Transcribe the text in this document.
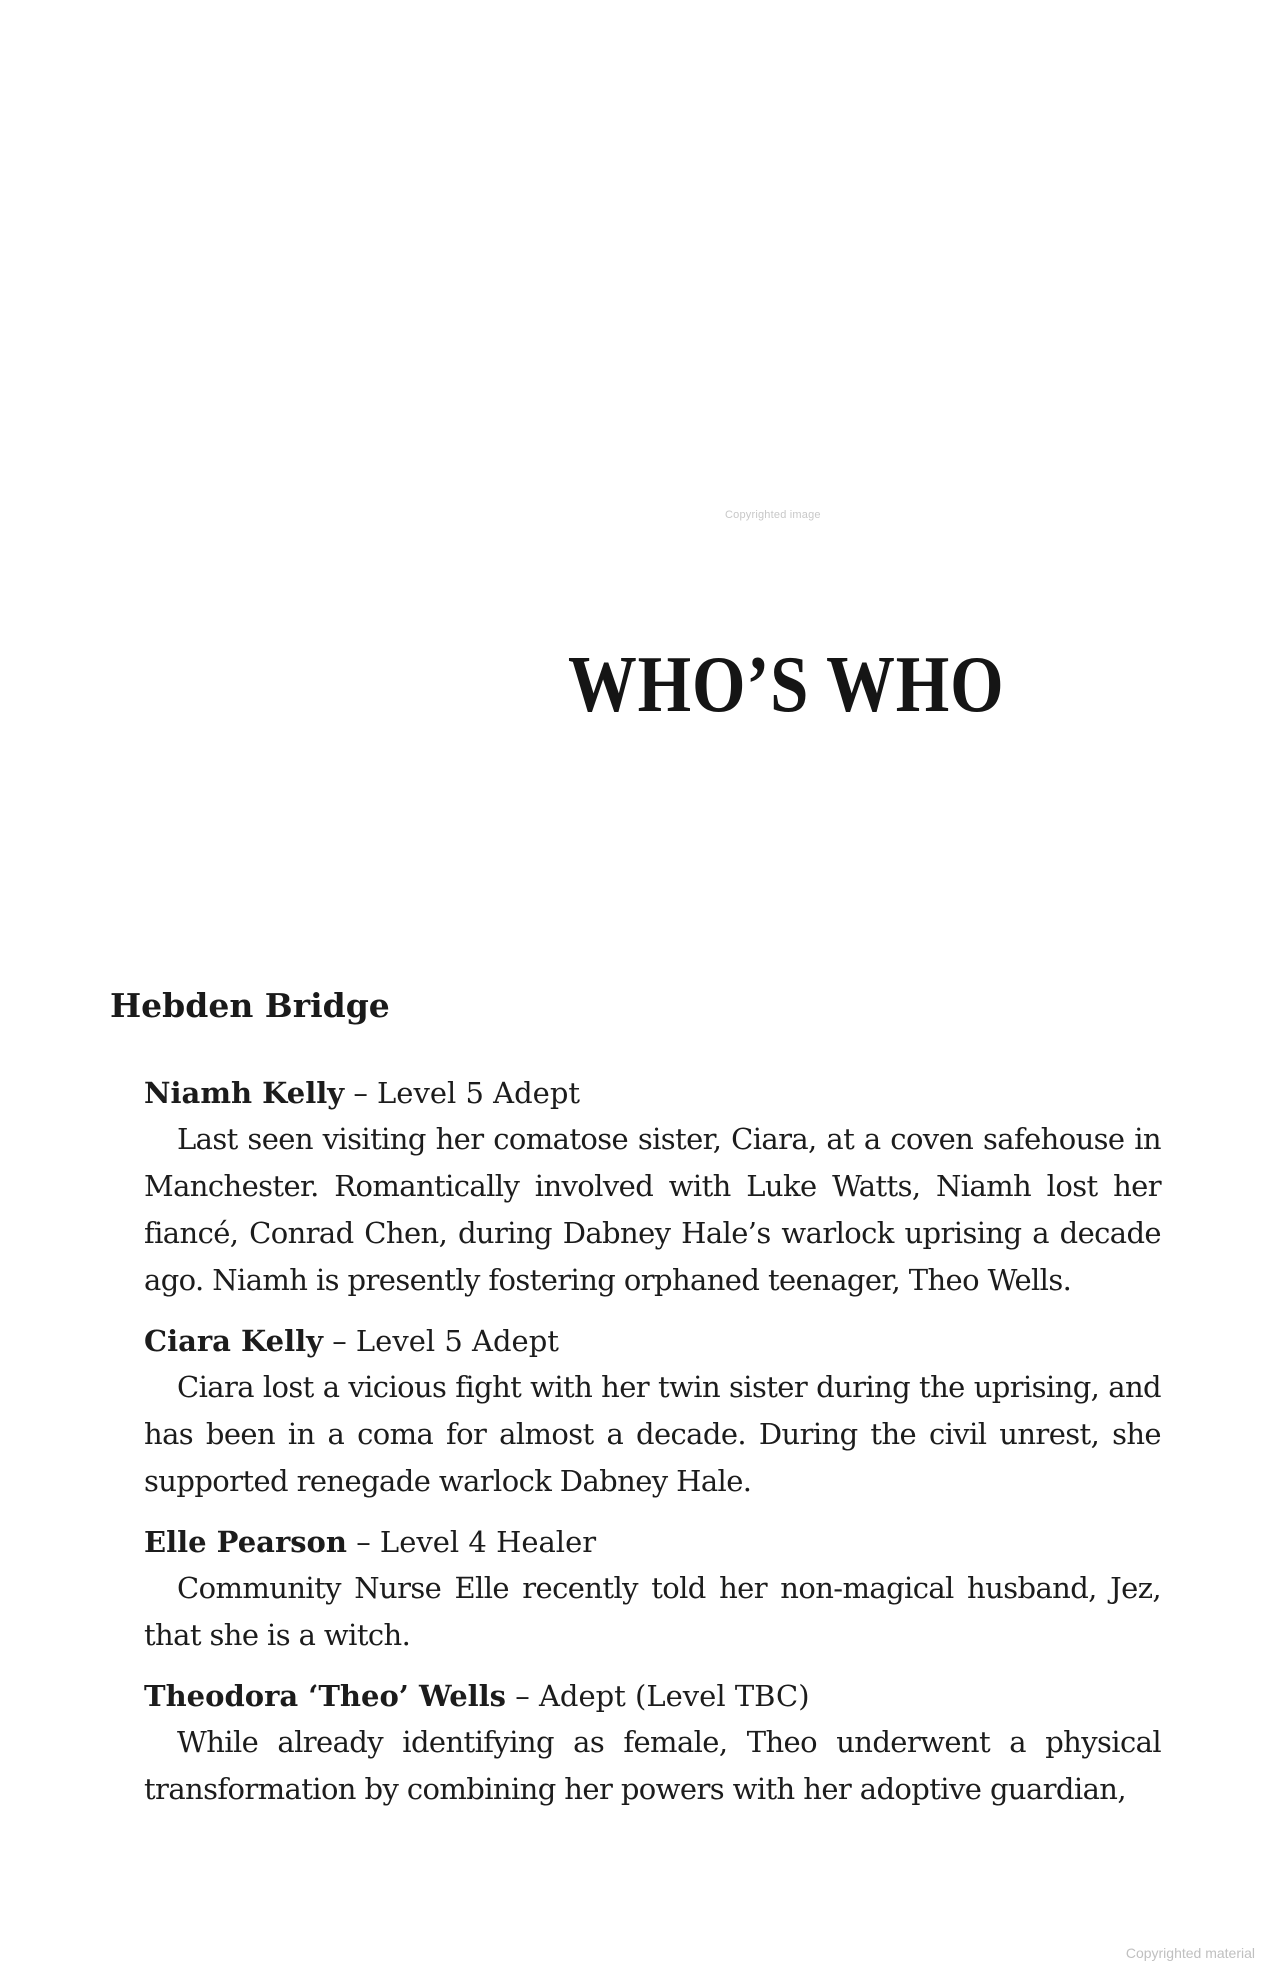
Copyrighted image
WHO’S WHO
Hebden Bridge
Niamh Kelly – Level 5 Adept

Last seen visiting her comatose sister, Ciara, at a coven safehouse in Manchester. Romantically involved with Luke Watts, Niamh lost her fiancé, Conrad Chen, during Dabney Hale’s warlock uprising a decade ago. Niamh is presently fostering orphaned teenager, Theo Wells.

Ciara Kelly – Level 5 Adept

Ciara lost a vicious fight with her twin sister during the uprising, and has been in a coma for almost a decade. During the civil unrest, she supported renegade warlock Dabney Hale.

Elle Pearson – Level 4 Healer

Community Nurse Elle recently told her non-magical husband, Jez, that she is a witch.

Theodora ‘Theo’ Wells – Adept (Level TBC)

While already identifying as female, Theo underwent a physical transformation by combining her powers with her adoptive guardian,

Copyrighted material
